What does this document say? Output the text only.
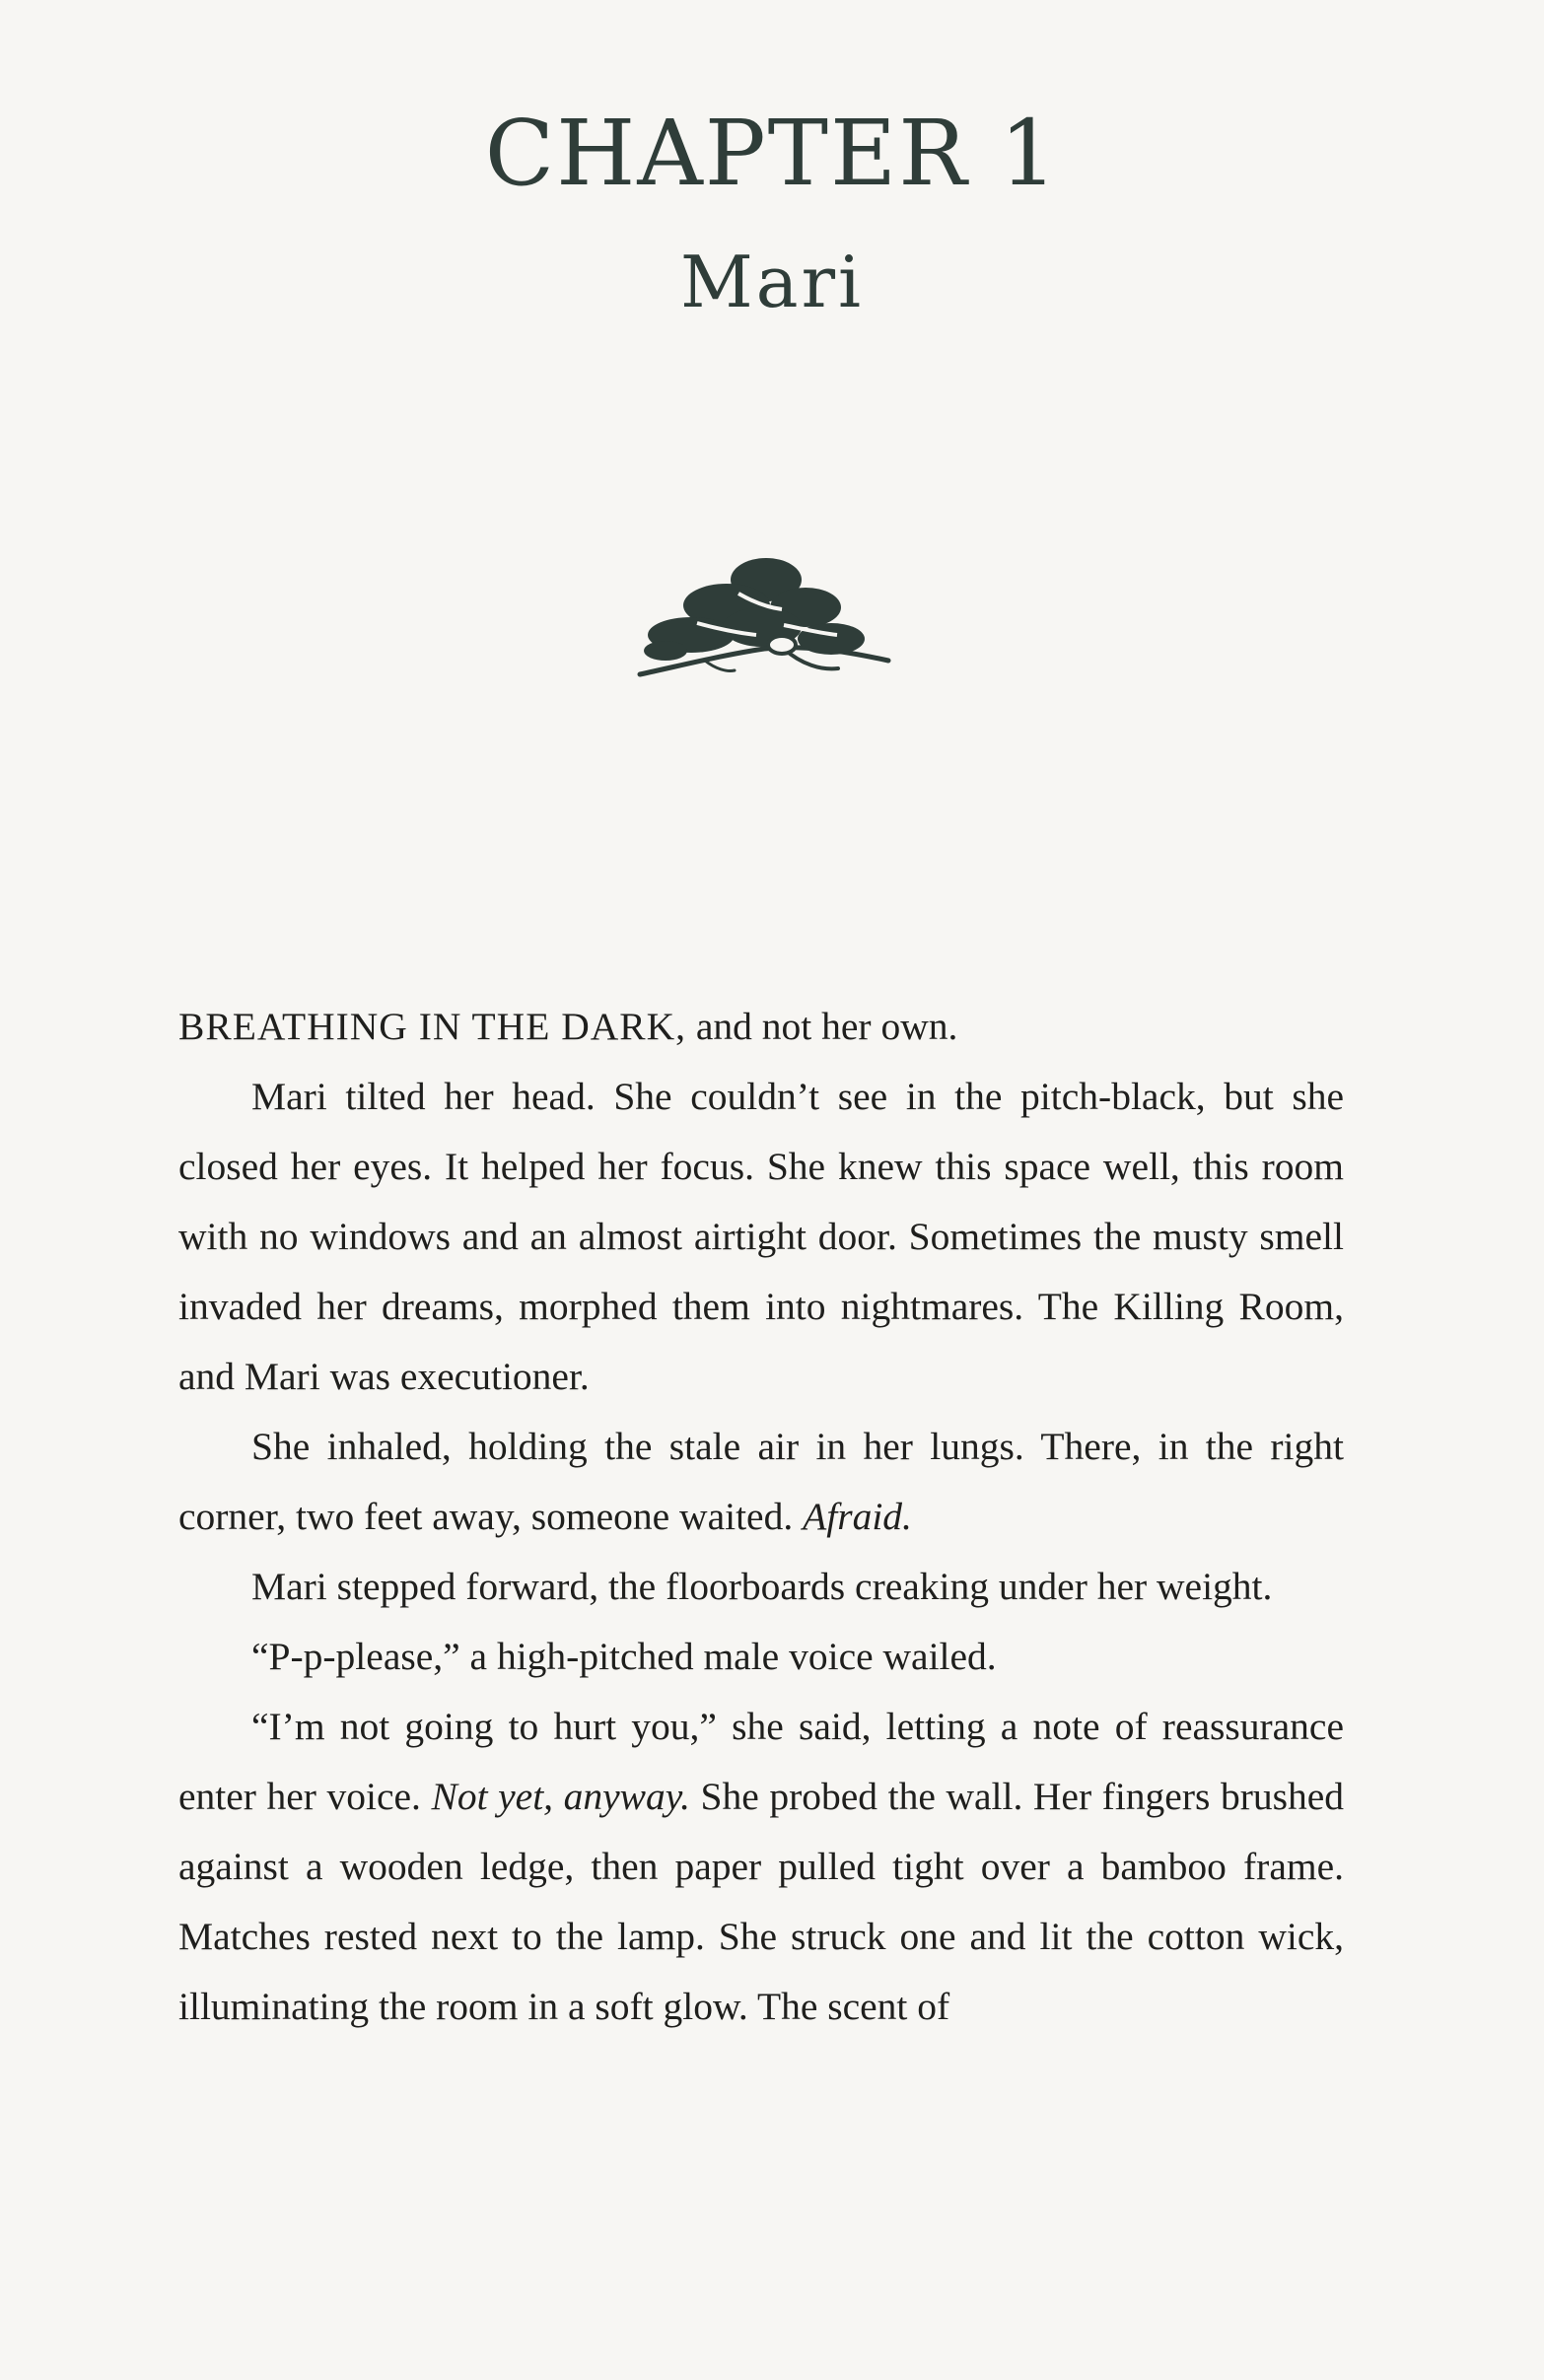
CHAPTER 1
Mari

BREATHING IN THE DARK, and not her own.

Mari tilted her head. She couldn’t see in the pitch-black, but she closed her eyes. It helped her focus. She knew this space well, this room with no windows and an almost airtight door. Sometimes the musty smell invaded her dreams, morphed them into nightmares. The Killing Room, and Mari was executioner.

She inhaled, holding the stale air in her lungs. There, in the right corner, two feet away, someone waited. Afraid.

Mari stepped forward, the floorboards creaking under her weight.

“P-p-please,” a high-pitched male voice wailed.

“I’m not going to hurt you,” she said, letting a note of reassurance enter her voice. Not yet, anyway. She probed the wall. Her fingers brushed against a wooden ledge, then paper pulled tight over a bamboo frame. Matches rested next to the lamp. She struck one and lit the cotton wick, illuminating the room in a soft glow. The scent of
